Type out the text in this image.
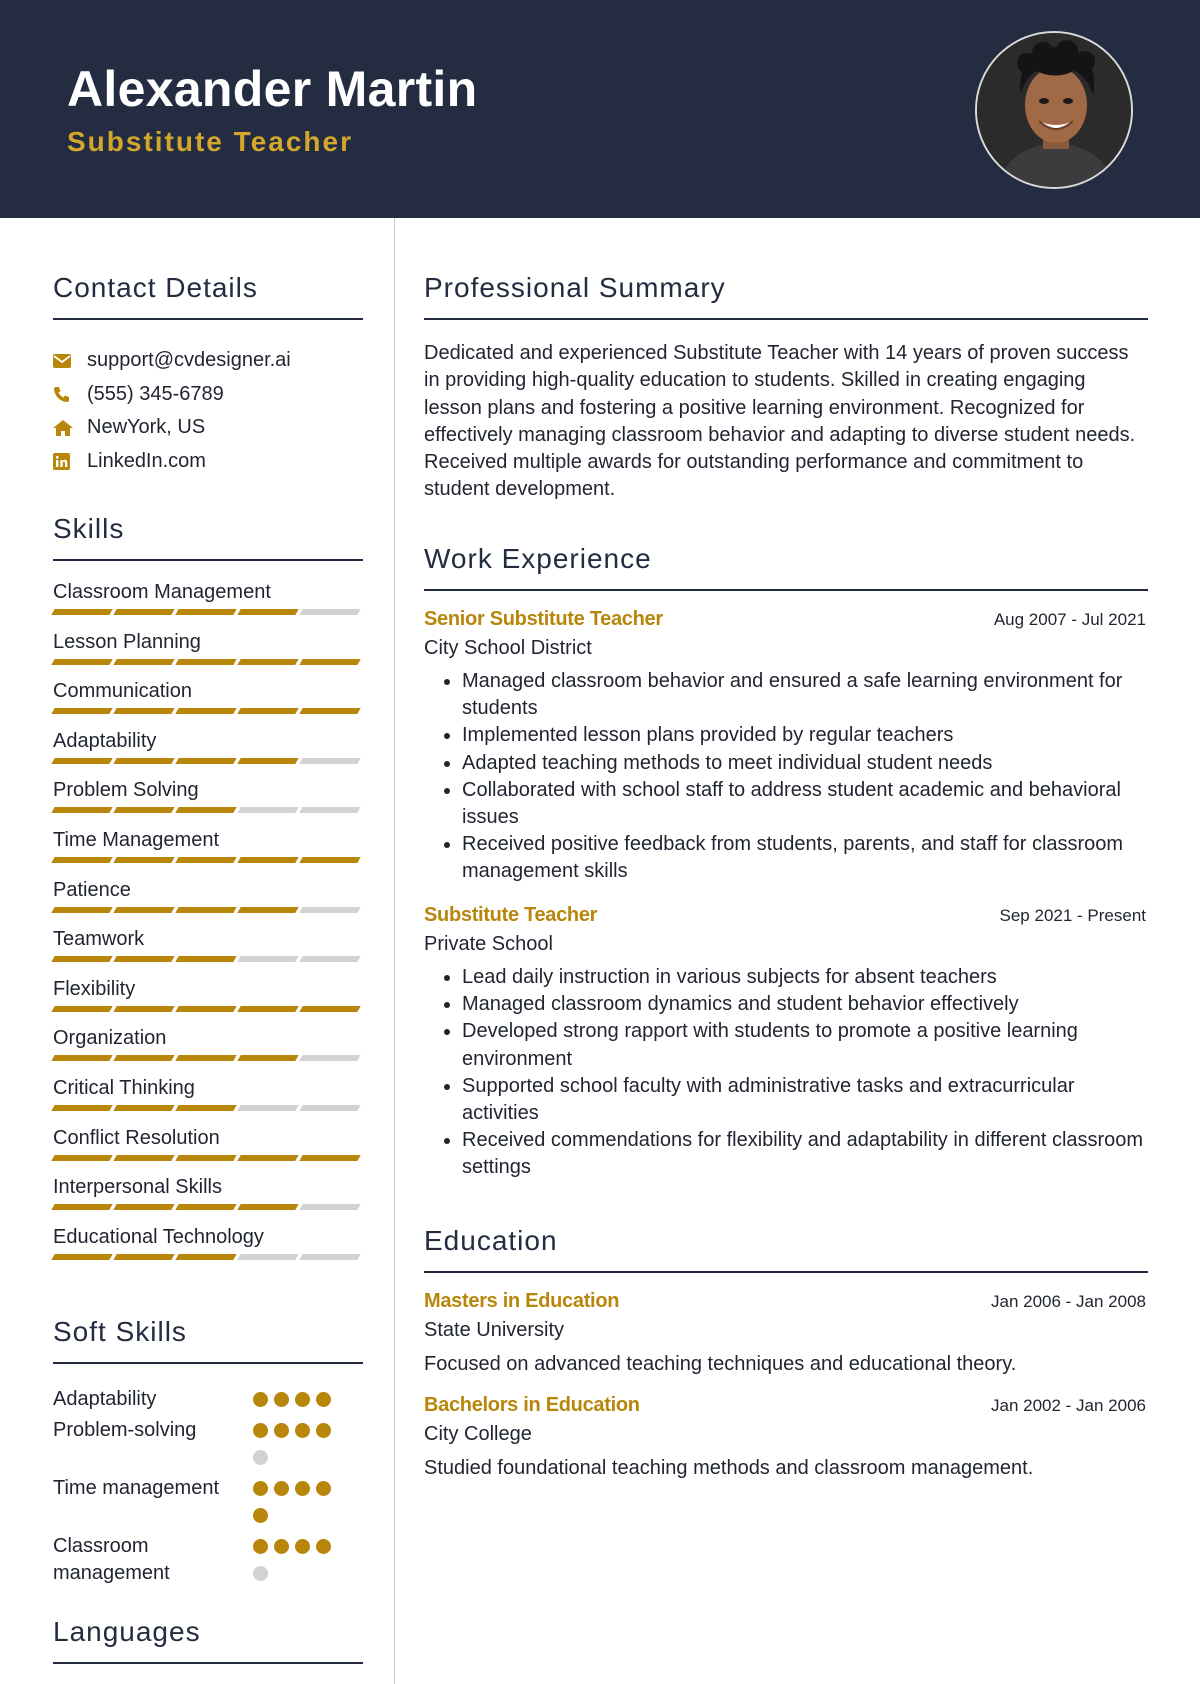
Alexander Martin
Substitute Teacher
Contact Details
support@cvdesigner.ai
(555) 345-6789
NewYork, US
LinkedIn.com
Skills
Classroom Management
Lesson Planning
Communication
Adaptability
Problem Solving
Time Management
Patience
Teamwork
Flexibility
Organization
Critical Thinking
Conflict Resolution
Interpersonal Skills
Educational Technology
Soft Skills
Adaptability
Problem-solving
Time management
Classroom management
Languages
Professional Summary
Dedicated and experienced Substitute Teacher with 14 years of proven success in providing high-quality education to students. Skilled in creating engaging lesson plans and fostering a positive learning environment. Recognized for effectively managing classroom behavior and adapting to diverse student needs. Received multiple awards for outstanding performance and commitment to student development.
Work Experience
Senior Substitute Teacher	Aug 2007 - Jul 2021
City School District
• Managed classroom behavior and ensured a safe learning environment for students
• Implemented lesson plans provided by regular teachers
• Adapted teaching methods to meet individual student needs
• Collaborated with school staff to address student academic and behavioral issues
• Received positive feedback from students, parents, and staff for classroom management skills
Substitute Teacher	Sep 2021 - Present
Private School
• Lead daily instruction in various subjects for absent teachers
• Managed classroom dynamics and student behavior effectively
• Developed strong rapport with students to promote a positive learning environment
• Supported school faculty with administrative tasks and extracurricular activities
• Received commendations for flexibility and adaptability in different classroom settings
Education
Masters in Education	Jan 2006 - Jan 2008
State University
Focused on advanced teaching techniques and educational theory.
Bachelors in Education	Jan 2002 - Jan 2006
City College
Studied foundational teaching methods and classroom management.
